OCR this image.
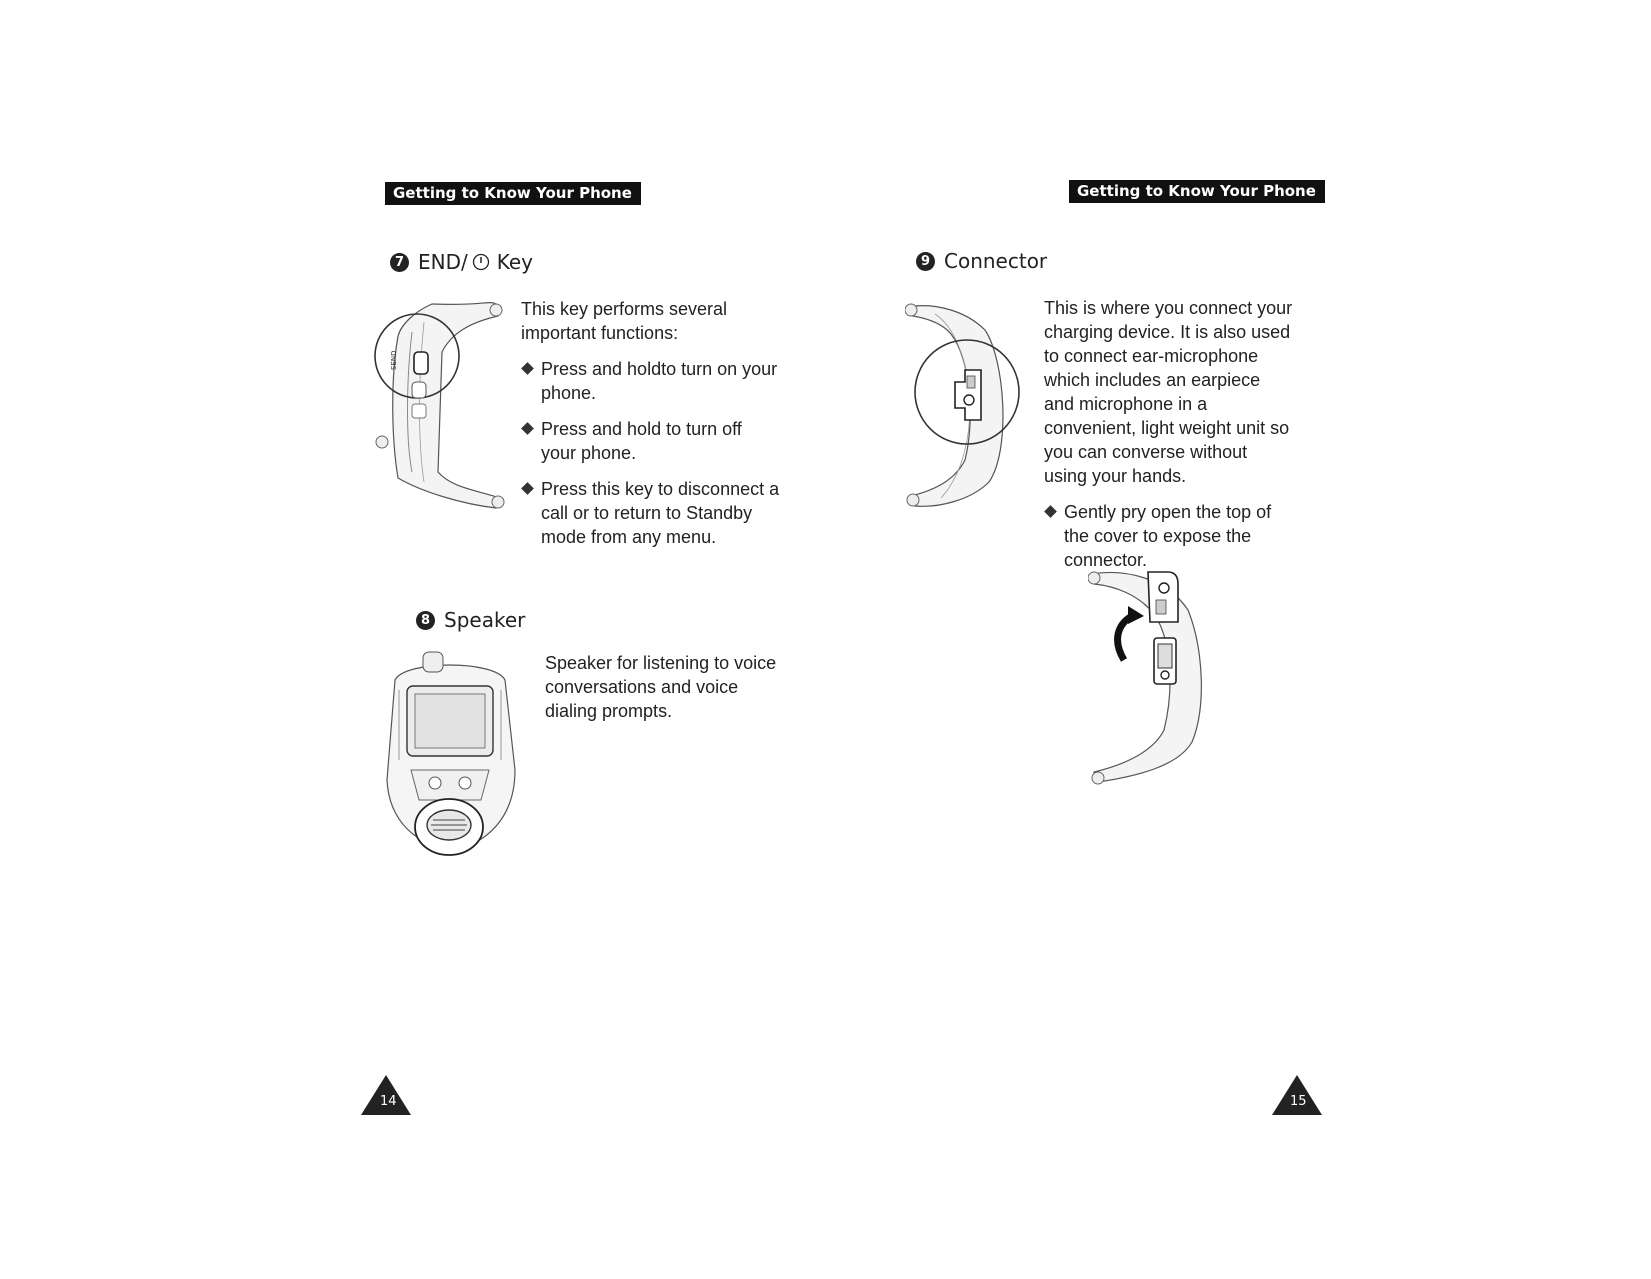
Getting to Know Your Phone	Getting to Know Your Phone
7 END/ Key
SEND

This key performs several important functions:

Press and holdto turn on your phone.
Press and hold to turn off your phone.
Press this key to disconnect a call or to return to Standby mode from any menu.
8 Speaker

Speaker for listening to voice conversations and voice dialing prompts.

9 Connector

This is where you connect your charging device. It is also used to connect ear-microphone which includes an earpiece and microphone in a convenient, light weight unit so you can converse without using your hands.

Gently pry open the top of the cover to expose the connector.
14	15
